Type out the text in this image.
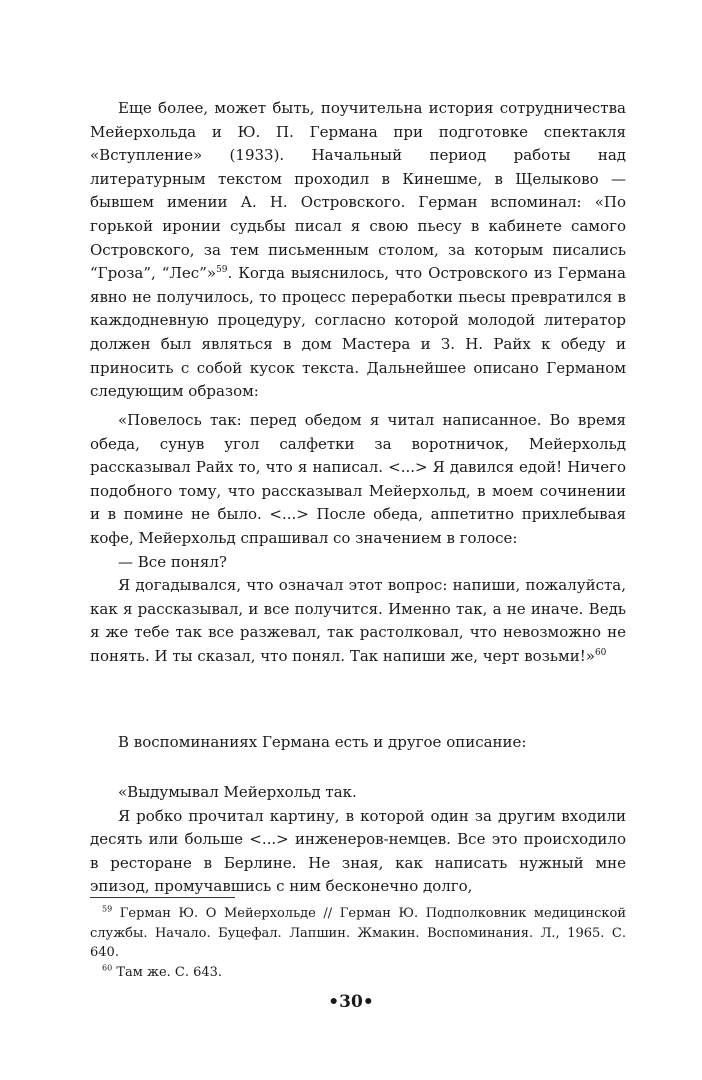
Еще более, может быть, поучительна история сотрудничества Мейерхольда и Ю. П. Германа при подготовке спектакля «Вступление» (1933). Начальный период работы над литературным текстом проходил в Кинешме, в Щелыково — бывшем имении А. Н. Островского. Герман вспоминал: «По горькой иронии судьбы писал я свою пьесу в кабинете самого Островского, за тем письменным столом, за которым писались “Гроза”, “Лес”»$^{59}$. Когда выяснилось, что Островского из Германа явно не получилось, то процесс переработки пьесы превратился в каждодневную процедуру, согласно которой молодой литератор должен был являться в дом Мастера и З. Н. Райх к обеду и приносить с собой кусок текста. Дальнейшее описано Германом следующим образом:

«Повелось так: перед обедом я читал написанное. Во время обеда, сунув угол салфетки за воротничок, Мейерхольд рассказывал Райх то, что я написал. <...> Я давился едой! Ничего подобного тому, что рассказывал Мейерхольд, в моем сочинении и в помине не было. <...> После обеда, аппетитно прихлебывая кофе, Мейерхольд спрашивал со значением в голосе:

— Все понял?

Я догадывался, что означал этот вопрос: напиши, пожалуйста, как я рассказывал, и все получится. Именно так, а не иначе. Ведь я же тебе так все разжевал, так растолковал, что невозможно не понять. И ты сказал, что понял. Так напиши же, черт возьми!»$^{60}$

В воспоминаниях Германа есть и другое описание:

«Выдумывал Мейерхольд так.

Я робко прочитал картину, в которой один за другим входили десять или больше <...> инженеров-немцев. Все это происходило в ресторане в Берлине. Не зная, как написать нужный мне эпизод, промучавшись с ним бесконечно долго,

$^{59}$ Герман Ю. О Мейерхольде // Герман Ю. Подполковник медицинской службы. Начало. Буцефал. Лапшин. Жмакин. Воспоминания. Л., 1965. С. 640.

$^{60}$ Там же. С. 643.

•30•
